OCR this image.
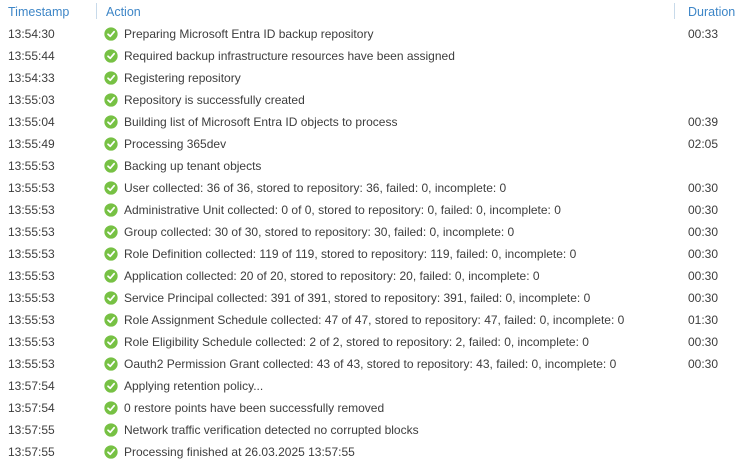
Timestamp	Action	Duration
13:54:30	Preparing Microsoft Entra ID backup repository	00:33
13:55:44	Required backup infrastructure resources have been assigned
13:54:33	Registering repository
13:55:03	Repository is successfully created
13:55:04	Building list of Microsoft Entra ID objects to process	00:39
13:55:49	Processing 365dev	02:05
13:55:53	Backing up tenant objects
13:55:53	User collected: 36 of 36, stored to repository: 36, failed: 0, incomplete: 0	00:30
13:55:53	Administrative Unit collected: 0 of 0, stored to repository: 0, failed: 0, incomplete: 0	00:30
13:55:53	Group collected: 30 of 30, stored to repository: 30, failed: 0, incomplete: 0	00:30
13:55:53	Role Definition collected: 119 of 119, stored to repository: 119, failed: 0, incomplete: 0	00:30
13:55:53	Application collected: 20 of 20, stored to repository: 20, failed: 0, incomplete: 0	00:30
13:55:53	Service Principal collected: 391 of 391, stored to repository: 391, failed: 0, incomplete: 0	00:30
13:55:53	Role Assignment Schedule collected: 47 of 47, stored to repository: 47, failed: 0, incomplete: 0	01:30
13:55:53	Role Eligibility Schedule collected: 2 of 2, stored to repository: 2, failed: 0, incomplete: 0	00:30
13:55:53	Oauth2 Permission Grant collected: 43 of 43, stored to repository: 43, failed: 0, incomplete: 0	00:30
13:57:54	Applying retention policy...
13:57:54	0 restore points have been successfully removed
13:57:55	Network traffic verification detected no corrupted blocks
13:57:55	Processing finished at 26.03.2025 13:57:55
